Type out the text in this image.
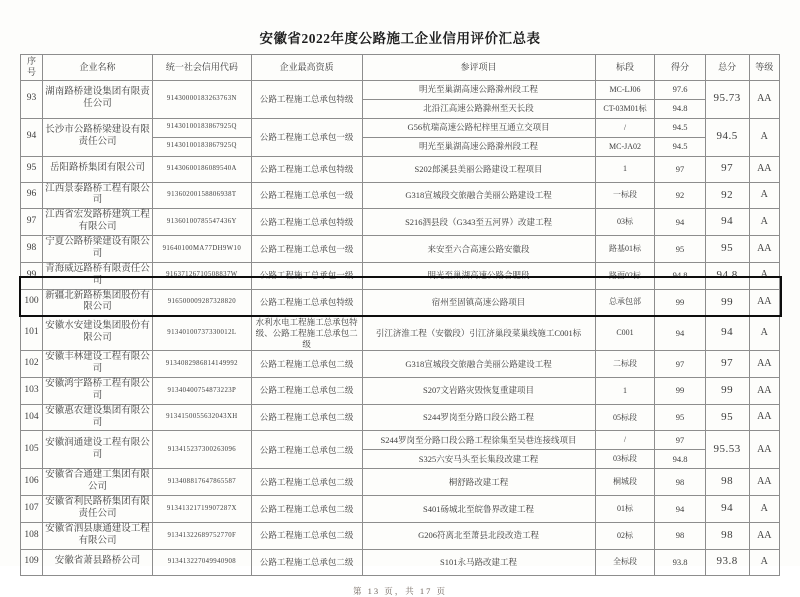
安徽省2022年度公路施工企业信用评价汇总表
序号	企业名称	统一社会信用代码	企业最高资质	参评项目	标段	得分	总分	等级
93	湖南路桥建设集团有限责任公司	91430000183263763N	公路工程施工总承包特级	明光至巢湖高速公路滁州段工程	MC-LJ06	97.6	95.73	AA
				北沿江高速公路滁州至天长段	CT-03M01标	94.8		
94	长沙市公路桥梁建设有限责任公司	91430100183867925Q	公路工程施工总承包一级	G56杭瑞高速公路杞梓里互通立交项目	/	94.5	94.5	A
		91430100183867925Q		明光至巢湖高速公路滁州段工程	MC-JA02	94.5		
95	岳阳路桥集团有限公司	91430600186089540A	公路工程施工总承包特级	S202郎溪县美丽公路建设工程项目	1	97	97	AA
96	江西景泰路桥工程有限公司	91360200158806938T	公路工程施工总承包一级	G318宣城段交旅融合美丽公路建设工程	一标段	92	92	A
97	江西省宏发路桥建筑工程有限公司	91360100785547436Y	公路工程施工总承包特级	S216泗县段（G343至五河界）改建工程	03标	94	94	A
98	宁夏公路桥梁建设有限公司	91640100MA77DH9W10	公路工程施工总承包一级	来安至六合高速公路安徽段	路基01标	95	95	AA
99	青海威远路桥有限责任公司	91637126710508837W	公路工程施工总承包一级	明光至巢湖高速公路合肥段	路面02标	94.8	94.8	A
100	新疆北新路桥集团股份有限公司	916500009287328820	公路工程施工总承包特级	宿州至固镇高速公路项目	总承包部	99	99	AA
101	安徽水安建设集团股份有限公司	91340100737330012L	水利水电工程施工总承包特级、公路工程施工总承包二级	引江济淮工程（安徽段）引江济巢段菜巢线施工C001标	C001	94	94	A
102	安徽丰林建设工程有限公司	9134082986814149992	公路工程施工总承包二级	G318宣城段交旅融合美丽公路建设工程	二标段	97	97	AA
103	安徽鸿宇路桥工程有限公司	91340400754873223P	公路工程施工总承包二级	S207文岩路灾毁恢复重建项目	1	99	99	AA
104	安徽惠农建设集团有限公司	9134150055632043XH	公路工程施工总承包二级	S244罗岗至分路口段公路工程	05标段	95	95	AA
105	安徽润通建设工程有限公司	913415237300263096	公路工程施工总承包二级	S244罗岗至分路口段公路工程徐集至吴巷连接线项目	/	97	95.53	AA
				S325六安马头至长集段改建工程	03标段	94.8		
106	安徽省合通建工集团有限公司	913408817647865587	公路工程施工总承包二级	桐舒路改建工程	桐城段	98	98	AA
107	安徽省利民路桥集团有限责任公司	91341321719907287X	公路工程施工总承包二级	S401砀城北至皖鲁界改建工程	01标	94	94	A
108	安徽省泗县康通建设工程有限公司	91341322689752770F	公路工程施工总承包二级	G206符离北至萧县北段改造工程	02标	98	98	AA
109	安徽省萧县路桥公司	913413227049940908	公路工程施工总承包二级	S101永马路改建工程	全标段	93.8	93.8	A
第 13 页，共 17 页
